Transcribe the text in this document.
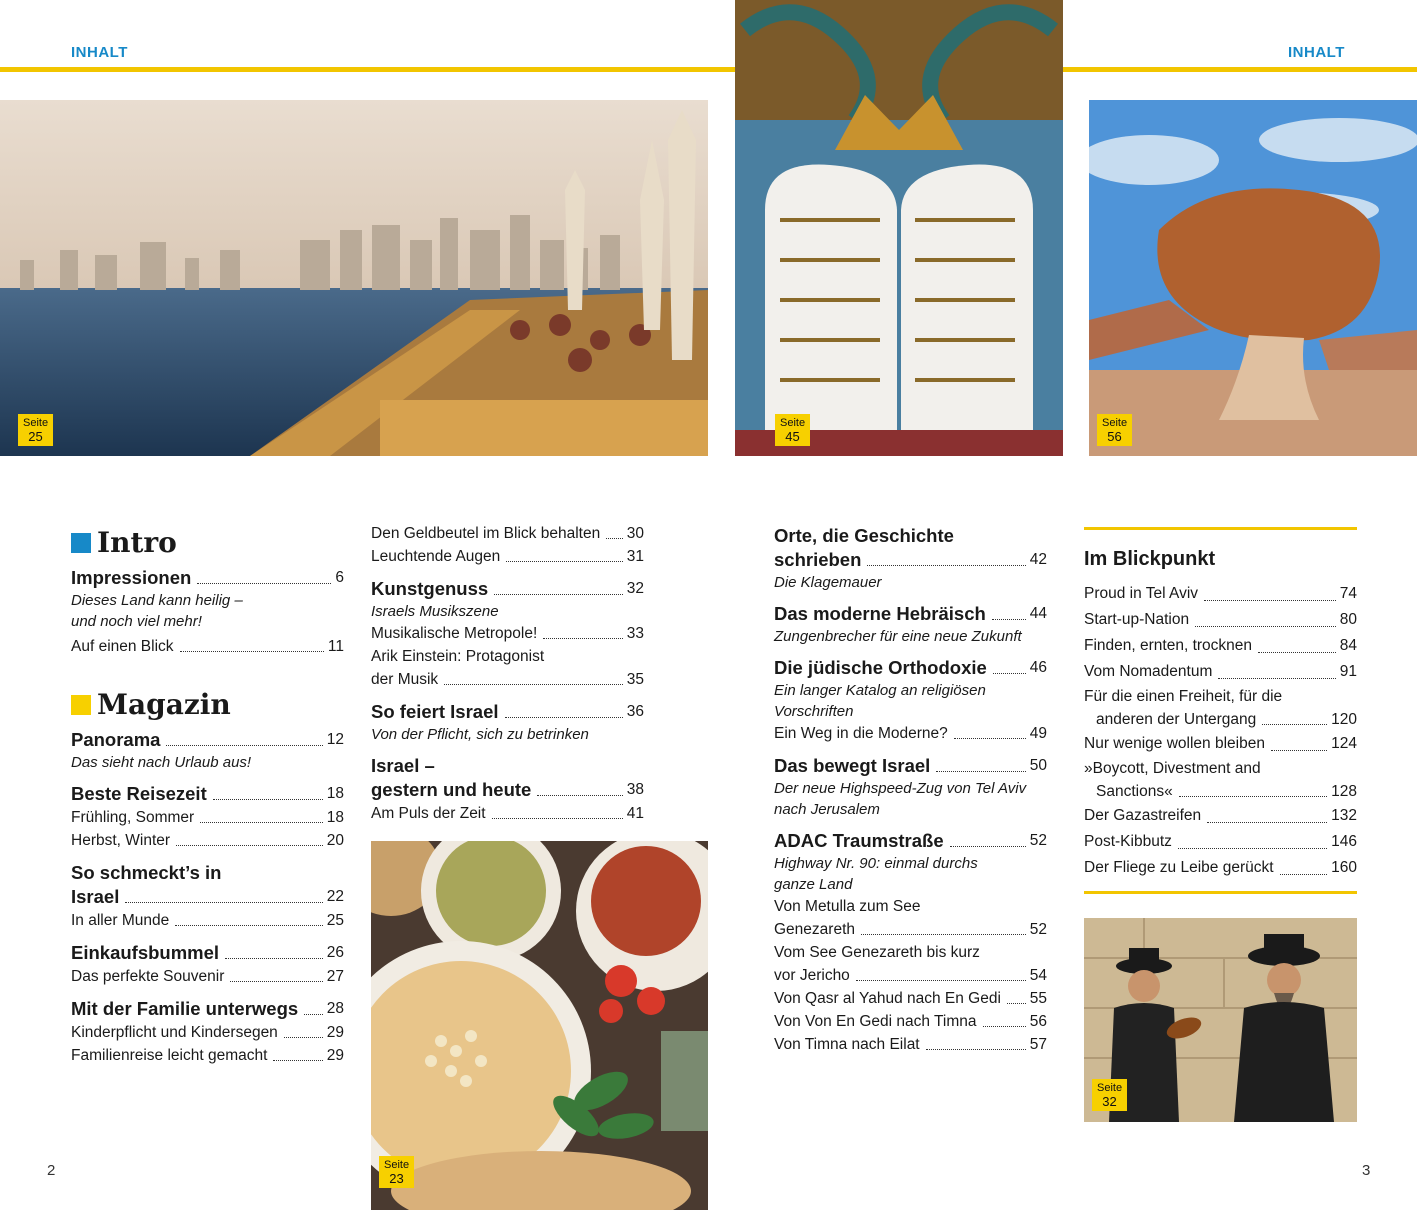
INHALT	INHALT
Seite
25
Seite
45
Seite
56
Intro
Impressionen	6
Dieses Land kann heilig –
und noch viel mehr!
Auf einen Blick	11
Magazin
Panorama	12
Das sieht nach Urlaub aus!
Beste Reisezeit	18
Frühling, Sommer	18
Herbst, Winter	20
So schmeckt’s in
Israel	22
In aller Munde	25
Einkaufsbummel	26
Das perfekte Souvenir	27
Mit der Familie unterwegs 28
Kinderpflicht und Kindersegen	29
Familienreise leicht gemacht	29
Den Geldbeutel im Blick behalten 30
Leuchtende Augen	31
Kunstgenuss	32
Israels Musikszene
Musikalische Metropole!	33
Arik Einstein: Protagonist
der Musik	35
So feiert Israel	36
Von der Pflicht, sich zu betrinken
Israel –
gestern und heute	38
Am Puls der Zeit	41
Seite
23
Orte, die Geschichte
schrieben	42
Die Klagemauer
Das moderne Hebräisch	44
Zungenbrecher für eine neue Zukunft
Die jüdische Orthodoxie	46
Ein langer Katalog an religiösen
Vorschriften
Ein Weg in die Moderne?	49
Das bewegt Israel	50
Der neue Highspeed-Zug von Tel Aviv
nach Jerusalem
ADAC Traumstraße	52
Highway Nr. 90: einmal durchs
ganze Land
Von Metulla zum See
Genezareth	52
Vom See Genezareth bis kurz
vor Jericho	54
Von Qasr al Yahud nach En Gedi 55
Von Von En Gedi nach Timna	56
Von Timna nach Eilat	57
Im Blickpunkt
Proud in Tel Aviv	74
Start-up-Nation	80
Finden, ernten, trocknen	84
Vom Nomadentum	91
Für die einen Freiheit, für die
anderen der Untergang	120
Nur wenige wollen bleiben	124
»Boycott, Divestment and
Sanctions«	128
Der Gazastreifen	132
Post-Kibbutz	146
Der Fliege zu Leibe gerückt	160
Seite
32
2	3
